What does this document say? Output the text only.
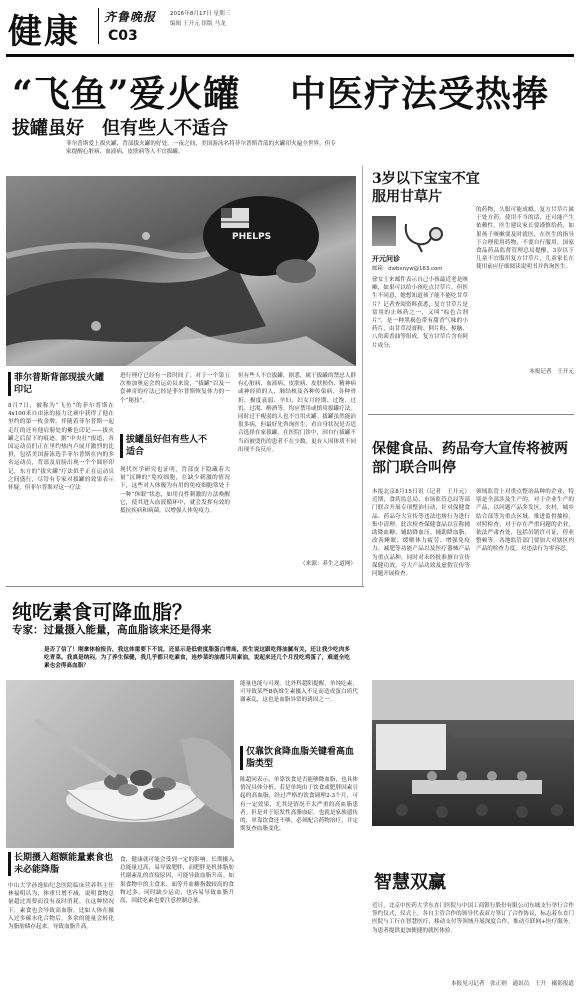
健康 齐鲁晚报 2016年8月17日 星期三
编辑 王开元 组版 马龙
C03
“飞鱼”爱火罐 中医疗法受热捧
拔罐虽好　但有些人不适合
菲尔普斯爱上拔火罐，背部拔火罐的好处。一夜之间，美国游泳名将菲尔普斯背部的火罐印火遍全世界，但专家提醒心脏病、血液病，皮肤病等人不宜拔罐。
PHELPS
菲尔普斯背部现拔火罐印记
8月7日，被称为“飞鱼”的菲尔普斯在4x100米自由泳的接力比赛中获得了他在里约的第一枚金牌。伴随着菲尔普斯一起走红的还有他肩膀处的紫色印记——拔火罐之后留下的痕迹。据“中央社”报道，各国运动员们正在里约热内卢展开激烈的比拼，包括美国游泳选手菲尔普斯在内的多名运动员，背部及肩膀出现一个个圆形印记，东方的“拔火罐”疗法似乎正在运动员之间盛行，尽管有专家对拔罐的效果表示怀疑，但菲尔普斯对这一疗法
进行理疗已经有一段时间了。对于一个第五次参加奥运会的运动员来说，“拔罐”以及一套神奇的疗法已经是菲尔普斯恢复体力的一个“秘技”。
拔罐虽好但有些人不适合
现代医学研究也证明，背部皮下隐藏着大量“沉睡的”免疫细胞，在缺少刺激的情况下，这些对人体极为有用的免疫细胞常处于一种“休眠”状态，如用良性刺激的方法唤醒它，使其进入血液循环中，就会发挥有效的抵抗疾病和病菌，以增强人体免疫力。
但有些人不宜拔罐，据悉，属于拔罐的禁忌人群有心脏病、血液病、皮肤病、皮肤损伤、精神病或神经质的人、肺结核及各种传染病、各种骨折、极度衰弱、孕妇、妇女月经期、过饱、过饥、过渴、醉酒等，均应禁用或慎用拔罐疗法。同时过于瘦弱的人也不宜用火罐。拔罐虽然能治很多病，但最好先咨询医生，看自身状况是否适合选择在家拔罐。在医院门诊中，因自行拔罐不当而被烫伤的患者不在少数，更有人因体质不同出现不良反应。
（来源：养生之道网）
3岁以下宝宝不宜服用甘草片
开元问诊
邮箱：dwbxnyw@163.com
徐女士来邮件表示自己小孩最近老是咳嗽，如果可以给小孩吃点甘草片，但医生不同意，她想知道孩子能不能吃甘草片？记者查阅资料获悉，复方甘草片是常用的止咳药之一，又叫“棕色合剂片”，是一种黑褐色带有甜香气味的小药片，由甘草浸膏粉、阿片粉、樟脑、八角茴香油等组成。复方甘草片含有阿片成分，
的药物，久服可能成瘾。复方甘草片属于处方药，使用不当的话，还可能产生依赖性。医生建议家长要谨慎给药，如果孩子咳嗽要及时就医，在医生的指导下合理使用药物，不要自行服用。国家食品药品监督管理总局提醒，3岁以下儿童不宜服用复方甘草片，儿童家长在使用前应仔细阅读说明书并咨询医生。
本报记者　王开元
保健食品、药品夸大宣传将被两部门联合叫停
本报北京8月15日讯（记者　王开元）近期，食药监总局、市场监管总局等部门联合开展专项整治行动，针对保健食品、药品夸大宣传等违法违规行为进行集中清理。此次检查保健食品以宣称辅助降血糖、辅助降血压、辅助降血脂、改善睡眠、缓解体力疲劳、增强免疫力、减肥等功能产品以及医疗器械产品为重点品种，同时对未经批准擅自宣传保健功效，夸大产品功效及虚假宣传等问题开展检查。
领域监管上对重点整治品种的企业、特别是全部涉及生产的，对于企业生产的产品，以问题产品多发区，农村，城乡结合部等为重点区域。推进监督抽检，对照检查，对于存在严重问题的企业，依法严肃查处，包括吊销许可证，停业整顿等。各地监管部门要加大对辖区内产品的检查力度，对违法行为零容忍。
纯吃素食可降血脂？
专家：过量摄入能量，高血脂该来还是得来
是否了信了！刚拿体检报告，我这体重要下不说，还显示是低密度脂蛋白增高，医生说这跟吃得油腻有关，还让我少吃肉多吃青菜。我真是纳闷，为了养生保健，我几乎都只吃素食，连炒菜的油都只用素油，说起来还几个月没吃鸡蛋了，难道全吃素也会得高血脂？
长期摄入超额能量素食也未必能降脂
中山大学孙逸仙纪念医院临床营养科主任林福明认为，体重只增不减，说明食物总量超过需要而没有及时消耗。在这种情况下，素食也会导致高血脂。比如人体在摄入过多碳水化合物后，多余的能量会转化为脂肪储存起来，导致血脂升高。
食，健康就可能会受到一定的影响。长期摄入总能量过高，易导致肥胖，而肥胖是机体脂肪代谢紊乱的直接原因，可能导致血脂升高。如果食物中的主食米、面等升血糖指数较高的食物过多，同时缺少运动，也容易导致血脂升高，因此吃素也要注意控制总量。
能量也能与可观。比外科超阳提醒，单纯吃素，可导致某些B族维生素摄入不足而造成蛋白质代谢紊乱，这也是血脂异常的诱因之一。
仅靠饮食降血脂关键看高血脂类型
陈超同表示，单靠饮食是否能够降血脂，也具体情况具体分析。若是单纯由于饮食或肥胖因素引起的高血脂，经过严格的饮食调理2-3个月，可有一定效果，尤其是情况不太严重的高血脂患者。但是对于原发性高脂血症，也就是家族遗传的，单靠饮食还不够，必须配合药物治疗，并定期复查血脂变化。
智慧双赢
近日，北京中医药大学东直门医院与中国工商银行股份有限公司东城支行举行合作签约仪式，仪式上，各自主管合作的领导代表双方签订了合作协议，标志着东直门医院与工行在智慧医疗、移动支付等领域开展深度合作，推动互联网+医疗服务，为患者提供更加便捷的就医体验。
本报见习记者　张正则　通讯员　王升　摄影报道
